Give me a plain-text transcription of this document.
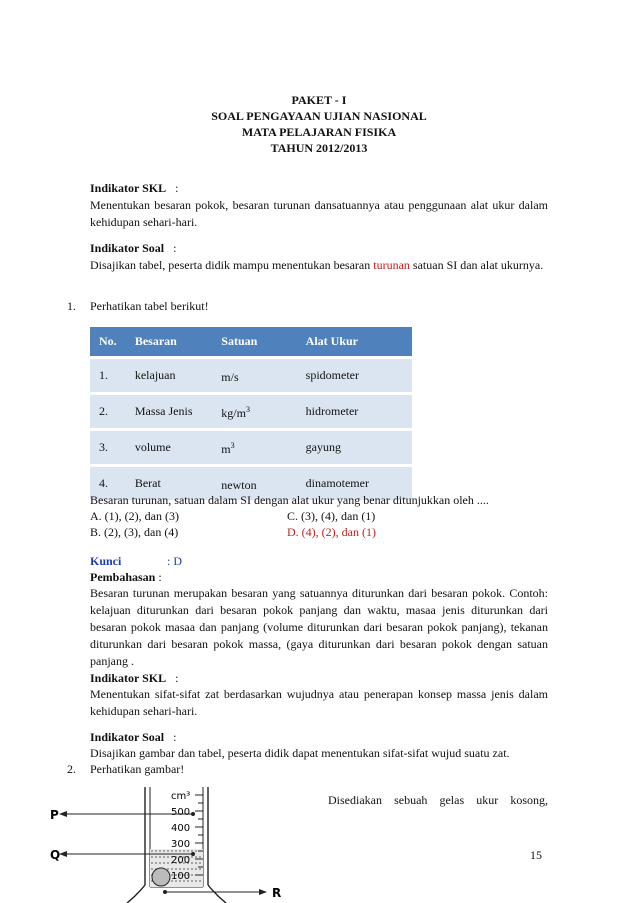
PAKET - I
SOAL PENGAYAAN UJIAN NASIONAL
MATA PELAJARAN FISIKA
TAHUN 2012/2013
Indikator SKL :
Menentukan besaran pokok, besaran turunan dansatuannya atau penggunaan alat ukur dalam kehidupan sehari-hari.
Indikator Soal :
Disajikan tabel, peserta didik mampu menentukan besaran turunan satuan SI dan alat ukurnya.
1. Perhatikan tabel berikut!
No.	Besaran	Satuan	Alat Ukur
1.	kelajuan	m/s	spidometer
2.	Massa Jenis	$kg/m^3$	hidrometer
3.	volume	$m^3$	gayung
4.	Berat	newton	dinamotemer
Besaran turunan, satuan dalam SI dengan alat ukur yang benar ditunjukkan oleh ....
A. (1), (2), dan (3)
B. (2), (3), dan (4)
C. (3), (4), dan (1)
D. (4), (2), dan (1)
Kunci	: D
Pembahasan :
Besaran turunan merupakan besaran yang satuannya diturunkan dari besaran pokok. Contoh: kelajuan diturunkan dari besaran pokok panjang dan waktu, masaa jenis diturunkan dari besaran pokok masaa dan panjang (volume diturunkan dari besaran pokok panjang), tekanan diturunkan dari besaran pokok massa, (gaya diturunkan dari besaran pokok dengan satuan panjang .
Indikator SKL :
Menentukan sifat-sifat zat berdasarkan wujudnya atau penerapan konsep massa jenis dalam kehidupan sehari-hari.
Indikator Soal :
Disajikan gambar dan tabel, peserta didik dapat menentukan sifat-sifat wujud suatu zat.
2. Perhatikan gambar!
Disediakan sebuah gelas ukur kosong,
cm³
500
400
300
200
100
P
Q
R
15
